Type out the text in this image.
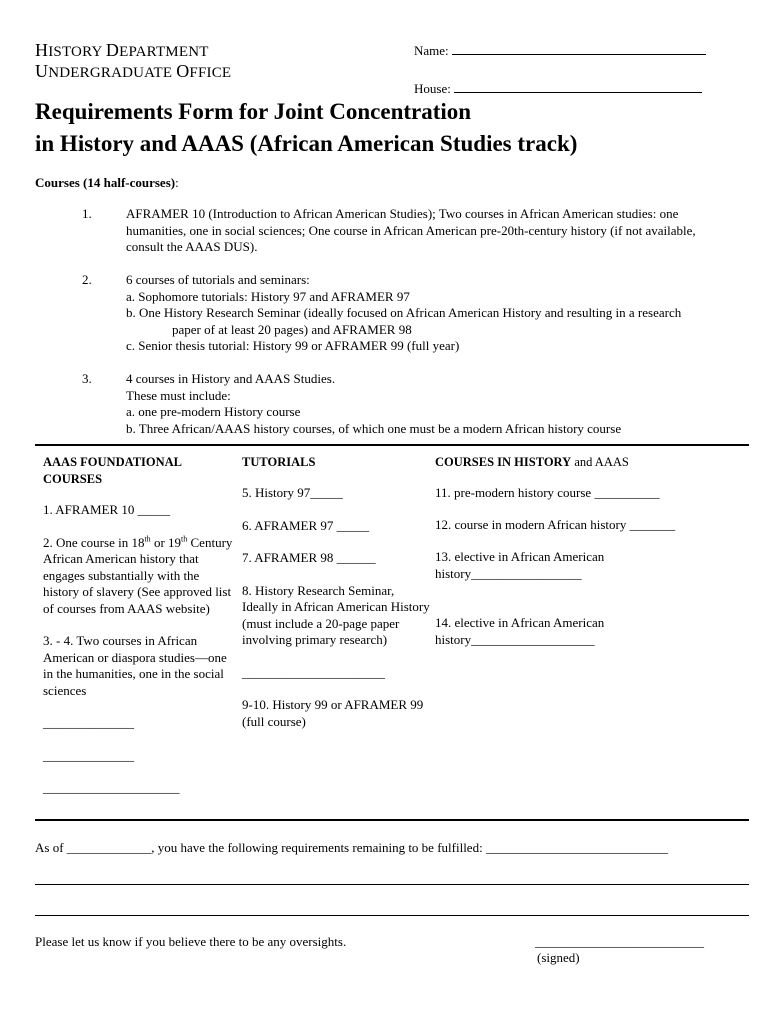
HISTORY DEPARTMENT
UNDERGRADUATE OFFICE
Name:
House:
Requirements Form for Joint Concentration
in History and AAAS (African American Studies track)
Courses (14 half-courses):
1.	AFRAMER 10 (Introduction to African American Studies); Two courses in African American studies: one
humanities, one in social sciences; One course in African American pre-20th-century history (if not available,
consult the AAAS DUS).
2.	6 courses of tutorials and seminars:
a. Sophomore tutorials: History 97 and AFRAMER 97
b. One History Research Seminar (ideally focused on African American History and resulting in a research
paper of at least 20 pages) and AFRAMER 98
c. Senior thesis tutorial: History 99 or AFRAMER 99 (full year)
3.	4 courses in History and AAAS Studies.
These must include:
a. one pre-modern History course
b. Three African/AAAS history courses, of which one must be a modern African history course
AAAS FOUNDATIONAL COURSES
1. AFRAMER 10 _____
2. One course in 18th or 19th Century African American history that engages substantially with the history of slavery (See approved list of courses from AAAS website)
3. - 4. Two courses in African American or diaspora studies—one in the humanities, one in the social sciences
______________
______________
_____________________
TUTORIALS
5. History 97_____
6. AFRAMER 97 _____
7. AFRAMER 98 ______
8. History Research Seminar, Ideally in African American History (must include a 20-page paper involving primary research)
______________________
9-10. History 99 or AFRAMER 99 (full course)
COURSES IN HISTORY and AAAS
11. pre-modern history course __________
12. course in modern African history _______
13. elective in African American history_________________
14. elective in African American history___________________
As of _____________, you have the following requirements remaining to be fulfilled: ____________________________
Please let us know if you believe there to be any oversights.	__________________________
(signed)
